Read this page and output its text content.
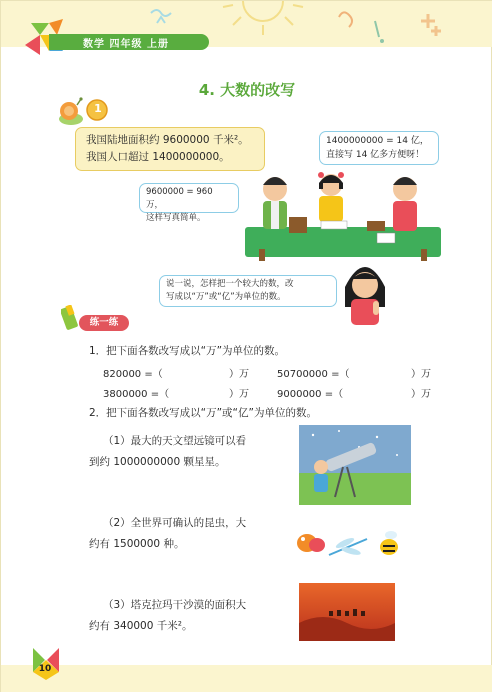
数学 四年级 上册
4. 大数的改写
1
我国陆地面积约 9600000 千米²。
我国人口超过 1400000000。
1400000000 = 14 亿，
直接写 14 亿多方便呀！
9600000 = 960 万，
这样写真简单。
说一说，怎样把一个较大的数，改
写成以“万”或“亿”为单位的数。
练一练
1．把下面各数改写成以“万”为单位的数。
820000 =（	）万	50700000 =（	）万
3800000 =（	）万	9000000 =（	）万
2．把下面各数改写成以“万”或“亿”为单位的数。
（1）最大的天文望远镜可以看
到约 1000000000 颗星星。
（2）全世界可确认的昆虫，大
约有 1500000 种。
（3）塔克拉玛干沙漠的面积大
约有 340000 千米²。
10
